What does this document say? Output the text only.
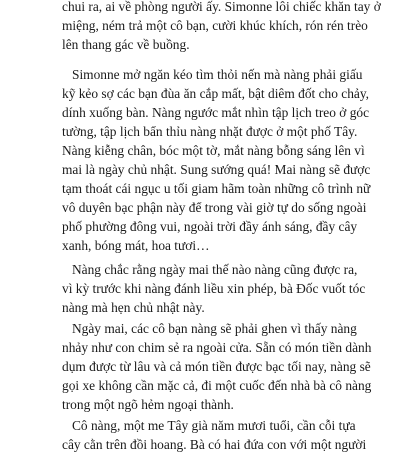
chui ra, ai về phòng người ấy. Simonne lôi chiếc khăn tay ở
miệng, ném trả một cô bạn, cười khúc khích, rón rén trèo
lên thang gác về buồng.
Simonne mở ngăn kéo tìm thỏi nến mà nàng phải giấu
kỹ kẻo sợ các bạn đùa ăn cắp mất, bật diêm đốt cho chảy,
dính xuống bàn. Nàng ngước mắt nhìn tập lịch treo ở góc
tường, tập lịch bẩn thỉu nàng nhặt được ở một phố Tây.
Nàng kiễng chân, bóc một tờ, mắt nàng bỗng sáng lên vì
mai là ngày chủ nhật. Sung sướng quá! Mai nàng sẽ được
tạm thoát cái ngục u tối giam hãm toàn những cô trình nữ
vô duyên bạc phận này để trong vài giờ tự do sống ngoài
phố phường đông vui, ngoài trời đầy ánh sáng, đầy cây
xanh, bóng mát, hoa tươi…
Nàng chắc rằng ngày mai thế nào nàng cũng được ra,
vì kỳ trước khi nàng đánh liều xin phép, bà Đốc vuốt tóc
nàng mà hẹn chủ nhật này.
Ngày mai, các cô bạn nàng sẽ phải ghen vì thấy nàng
nhảy như con chim sẻ ra ngoài cửa. Sẵn có món tiền dành
dụm được từ lâu và cả món tiền được bạc tối nay, nàng sẽ
gọi xe không cần mặc cả, đi một cuốc đến nhà bà cô nàng
trong một ngõ hẻm ngoại thành.
Cô nàng, một me Tây già năm mươi tuổi, cần cỗi tựa
cây cằn trên đồi hoang. Bà có hai đứa con với một người
